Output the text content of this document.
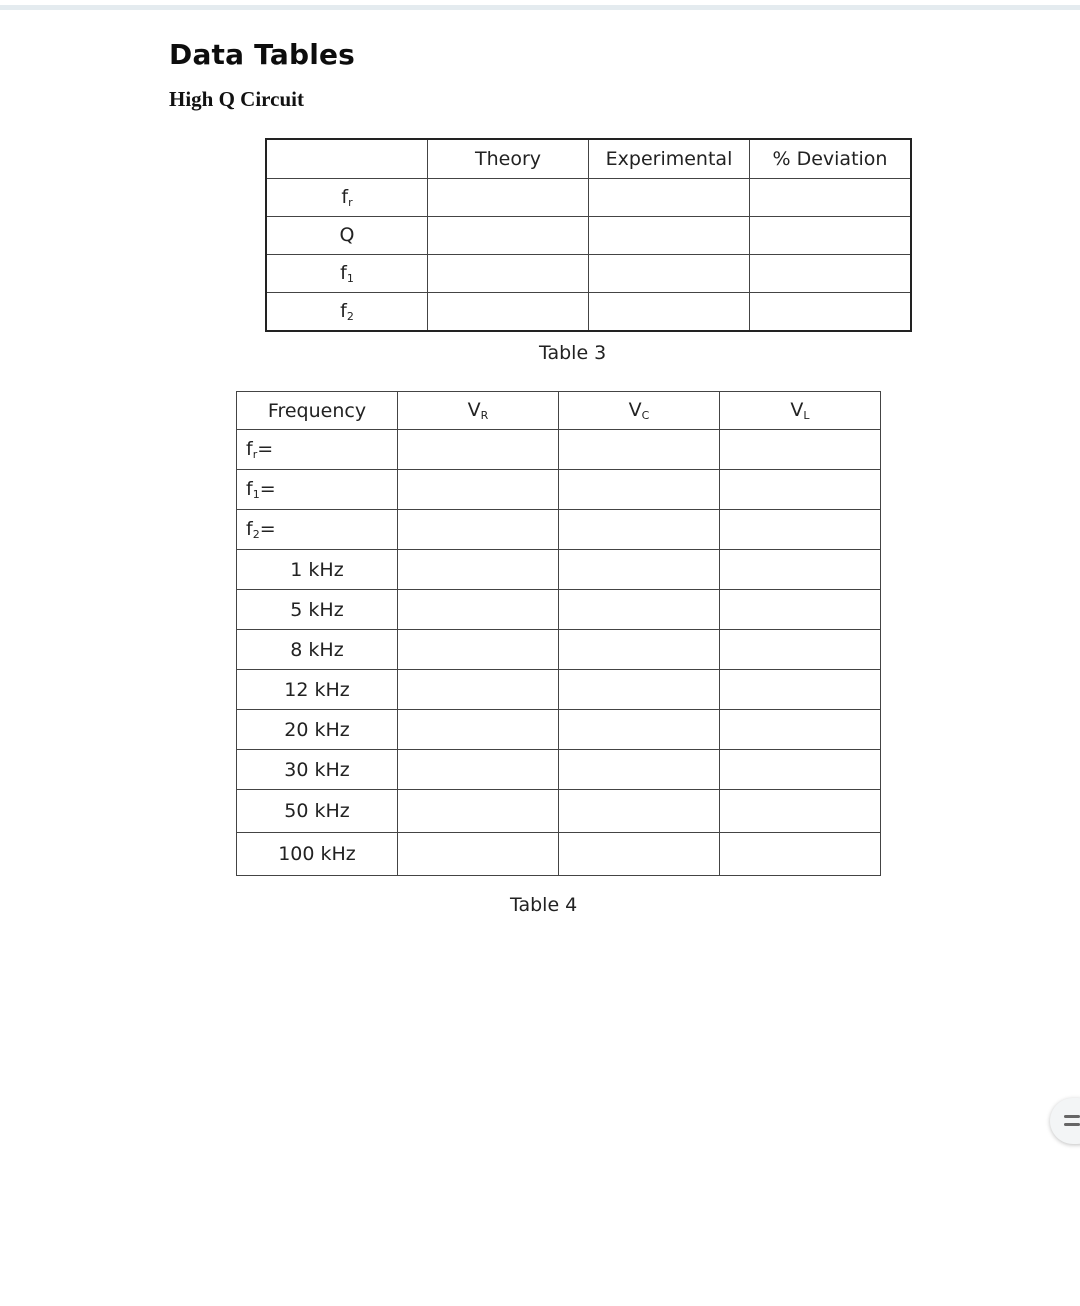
Data Tables
High Q Circuit
	Theory	Experimental	% Deviation
$f_r$			
Q			
$f_1$			
$f_2$			
Table 3
Frequency	$V_R$	$V_C$	$V_L$
$f_r=$			
$f_1=$			
$f_2=$			
1 kHz			
5 kHz			
8 kHz			
12 kHz			
20 kHz			
30 kHz			
50 kHz			
100 kHz			
Table 4
